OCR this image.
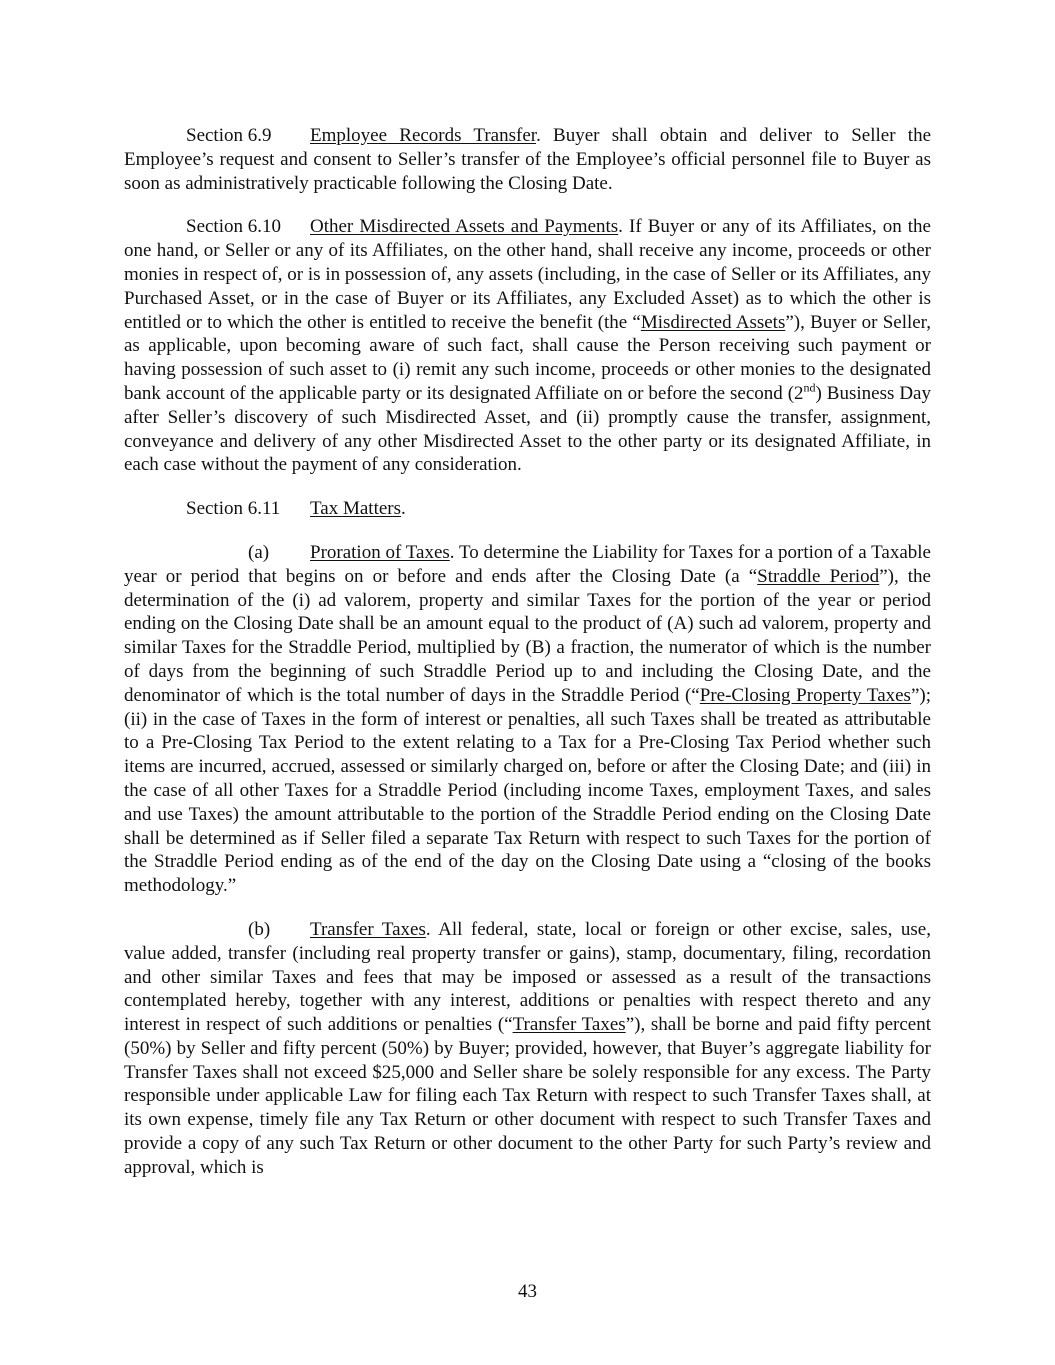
Section 6.9 Employee Records Transfer. Buyer shall obtain and deliver to Seller the Employee’s request and consent to Seller’s transfer of the Employee’s official personnel file to Buyer as soon as administratively practicable following the Closing Date.

Section 6.10 Other Misdirected Assets and Payments. If Buyer or any of its Affiliates, on the one hand, or Seller or any of its Affiliates, on the other hand, shall receive any income, proceeds or other monies in respect of, or is in possession of, any assets (including, in the case of Seller or its Affiliates, any Purchased Asset, or in the case of Buyer or its Affiliates, any Excluded Asset) as to which the other is entitled or to which the other is entitled to receive the benefit (the “Misdirected Assets”), Buyer or Seller, as applicable, upon becoming aware of such fact, shall cause the Person receiving such payment or having possession of such asset to (i) remit any such income, proceeds or other monies to the designated bank account of the applicable party or its designated Affiliate on or before the second (2nd) Business Day after Seller’s discovery of such Misdirected Asset, and (ii) promptly cause the transfer, assignment, conveyance and delivery of any other Misdirected Asset to the other party or its designated Affiliate, in each case without the payment of any consideration.

Section 6.11 Tax Matters.

(a) Proration of Taxes. To determine the Liability for Taxes for a portion of a Taxable year or period that begins on or before and ends after the Closing Date (a “Straddle Period”), the determination of the (i) ad valorem, property and similar Taxes for the portion of the year or period ending on the Closing Date shall be an amount equal to the product of (A) such ad valorem, property and similar Taxes for the Straddle Period, multiplied by (B) a fraction, the numerator of which is the number of days from the beginning of such Straddle Period up to and including the Closing Date, and the denominator of which is the total number of days in the Straddle Period (“Pre-Closing Property Taxes”); (ii) in the case of Taxes in the form of interest or penalties, all such Taxes shall be treated as attributable to a Pre-Closing Tax Period to the extent relating to a Tax for a Pre-Closing Tax Period whether such items are incurred, accrued, assessed or similarly charged on, before or after the Closing Date; and (iii) in the case of all other Taxes for a Straddle Period (including income Taxes, employment Taxes, and sales and use Taxes) the amount attributable to the portion of the Straddle Period ending on the Closing Date shall be determined as if Seller filed a separate Tax Return with respect to such Taxes for the portion of the Straddle Period ending as of the end of the day on the Closing Date using a “closing of the books methodology.”

(b) Transfer Taxes. All federal, state, local or foreign or other excise, sales, use, value added, transfer (including real property transfer or gains), stamp, documentary, filing, recordation and other similar Taxes and fees that may be imposed or assessed as a result of the transactions contemplated hereby, together with any interest, additions or penalties with respect thereto and any interest in respect of such additions or penalties (“Transfer Taxes”), shall be borne and paid fifty percent (50%) by Seller and fifty percent (50%) by Buyer; provided, however, that Buyer’s aggregate liability for Transfer Taxes shall not exceed $25,000 and Seller share be solely responsible for any excess. The Party responsible under applicable Law for filing each Tax Return with respect to such Transfer Taxes shall, at its own expense, timely file any Tax Return or other document with respect to such Transfer Taxes and provide a copy of any such Tax Return or other document to the other Party for such Party’s review and approval, which is

43
